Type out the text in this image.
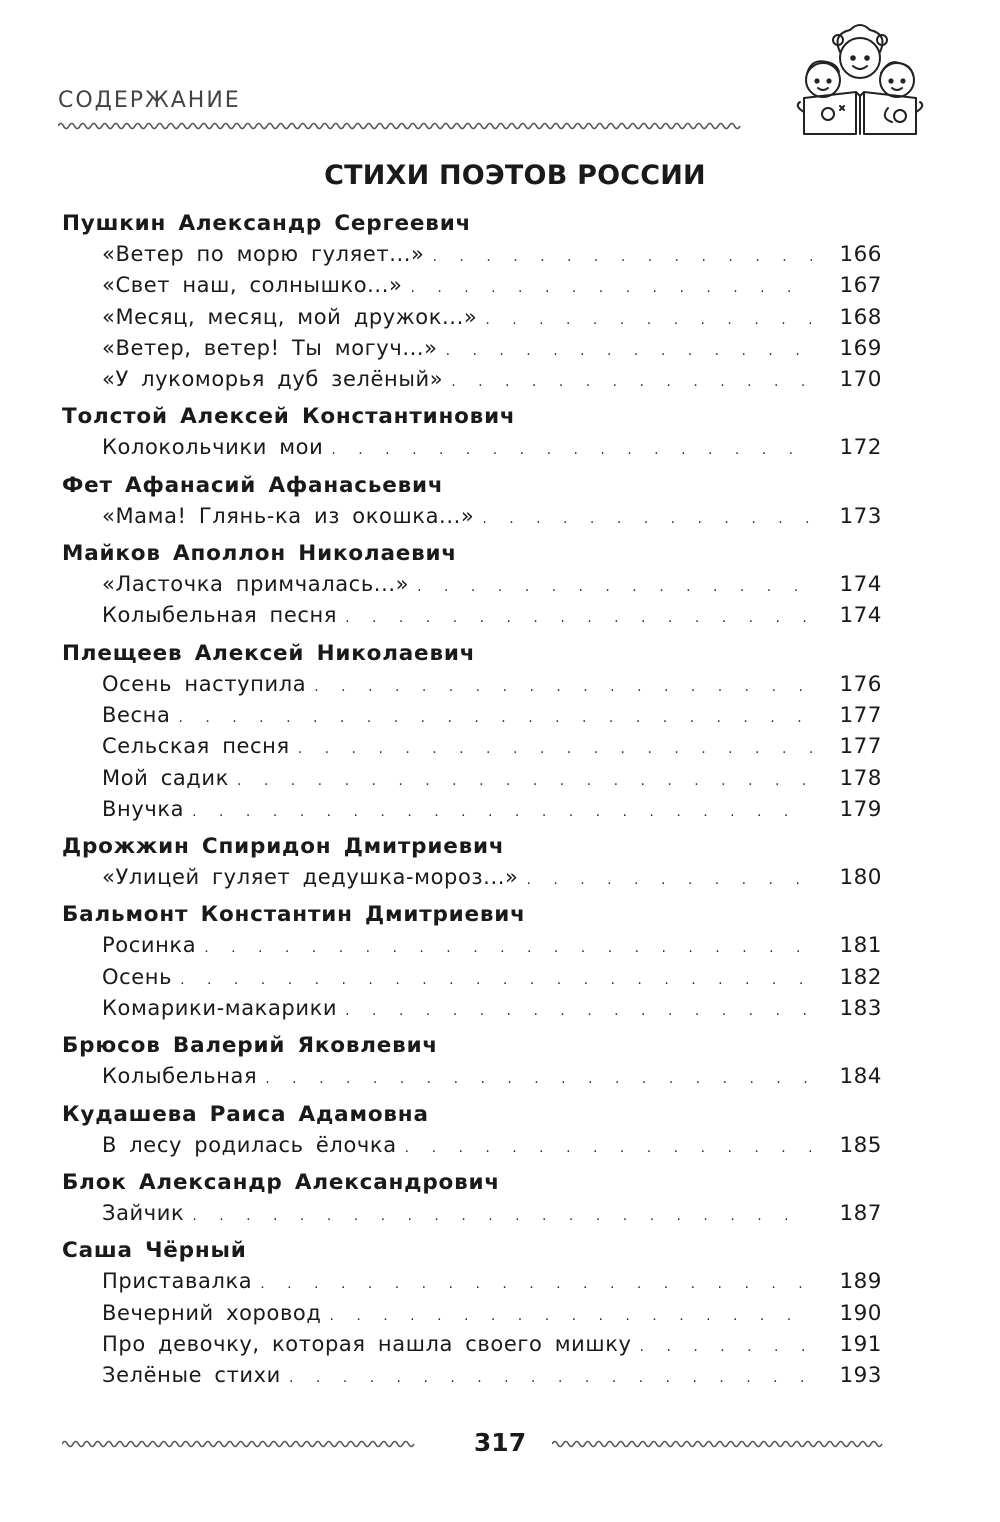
СОДЕРЖАНИЕ
СТИХИ ПОЭТОВ РОССИИ
Пушкин Александр Сергеевич
«Ветер по морю гуляет...» . . .	166
«Свет наш, солнышко...» . . .	167
«Месяц, месяц, мой дружок...» . . .	168
«Ветер, ветер! Ты могуч...» . . .	169
«У лукоморья дуб зелёный» . . .	170
Толстой Алексей Константинович
Колокольчики мои . . .	172
Фет Афанасий Афанасьевич
«Мама! Глянь-ка из окошка...» . . .	173
Майков Аполлон Николаевич
«Ласточка примчалась...» . . .	174
Колыбельная песня . . .	174
Плещеев Алексей Николаевич
Осень наступила . . .	176
Весна . . .	177
Сельская песня . . .	177
Мой садик . . .	178
Внучка . . .	179
Дрожжин Спиридон Дмитриевич
«Улицей гуляет дедушка-мороз...» . . .	180
Бальмонт Константин Дмитриевич
Росинка . . .	181
Осень . . .	182
Комарики-макарики . . .	183
Брюсов Валерий Яковлевич
Колыбельная . . .	184
Кудашева Раиса Адамовна
В лесу родилась ёлочка . . .	185
Блок Александр Александрович
Зайчик . . .	187
Саша Чёрный
Приставалка . . .	189
Вечерний хоровод . . .	190
Про девочку, которая нашла своего мишку . . .	191
Зелёные стихи . . .	193
317
